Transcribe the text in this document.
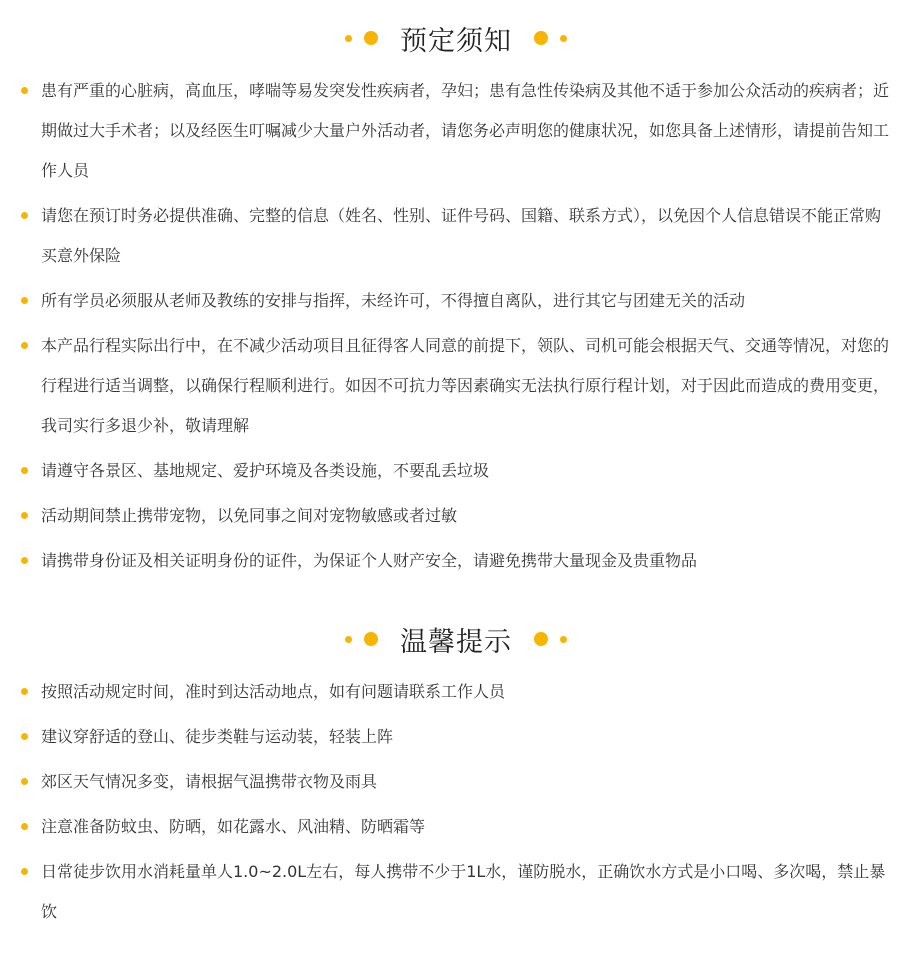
预定须知
患有严重的心脏病，高血压，哮喘等易发突发性疾病者，孕妇；患有急性传染病及其他不适于参加公众活动的疾病者；近期做过大手术者；以及经医生叮嘱减少大量户外活动者，请您务必声明您的健康状况，如您具备上述情形，请提前告知工作人员
请您在预订时务必提供准确、完整的信息（姓名、性别、证件号码、国籍、联系方式），以免因个人信息错误不能正常购买意外保险
所有学员必须服从老师及教练的安排与指挥，未经许可，不得擅自离队，进行其它与团建无关的活动
本产品行程实际出行中，在不减少活动项目且征得客人同意的前提下，领队、司机可能会根据天气、交通等情况，对您的行程进行适当调整，以确保行程顺利进行。如因不可抗力等因素确实无法执行原行程计划，对于因此而造成的费用变更，我司实行多退少补，敬请理解
请遵守各景区、基地规定、爱护环境及各类设施，不要乱丢垃圾
活动期间禁止携带宠物，以免同事之间对宠物敏感或者过敏
请携带身份证及相关证明身份的证件，为保证个人财产安全，请避免携带大量现金及贵重物品
温馨提示
按照活动规定时间，准时到达活动地点，如有问题请联系工作人员
建议穿舒适的登山、徒步类鞋与运动装，轻装上阵
郊区天气情况多变，请根据气温携带衣物及雨具
注意准备防蚊虫、防晒，如花露水、风油精、防晒霜等
日常徒步饮用水消耗量单人1.0~2.0L左右，每人携带不少于1L水，谨防脱水，正确饮水方式是小口喝、多次喝，禁止暴饮
